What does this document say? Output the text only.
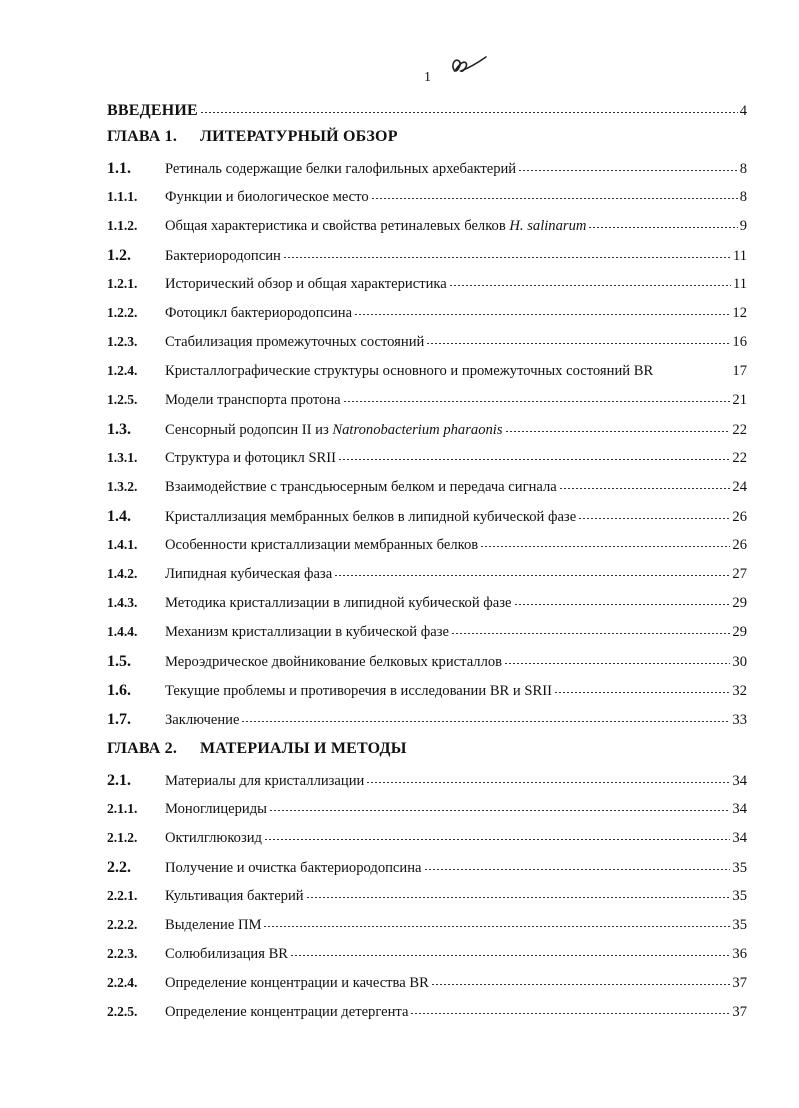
1
ВВЕДЕНИЕ	4
ГЛАВА 1. ЛИТЕРАТУРНЫЙ ОБЗОР
1.1.	Ретиналь содержащие белки галофильных архебактерий	8
1.1.1.	Функции и биологическое место	8
1.1.2.	Общая характеристика и свойства ретиналевых белков H. salinarum	9
1.2.	Бактериородопсин	11
1.2.1.	Исторический обзор и общая характеристика	11
1.2.2.	Фотоцикл бактериородопсина	12
1.2.3.	Стабилизация промежуточных состояний	16
1.2.4.	Кристаллографические структуры основного и промежуточных состояний BR	17
1.2.5.	Модели транспорта протона	21
1.3.	Сенсорный родопсин II из Natronobacterium pharaonis	22
1.3.1.	Структура и фотоцикл SRII	22
1.3.2.	Взаимодействие с трансдьюсерным белком и передача сигнала	24
1.4.	Кристаллизация мембранных белков в липидной кубической фазе	26
1.4.1.	Особенности кристаллизации мембранных белков	26
1.4.2.	Липидная кубическая фаза	27
1.4.3.	Методика кристаллизации в липидной кубической фазе	29
1.4.4.	Механизм кристаллизации в кубической фазе	29
1.5.	Мероэдрическое двойникование белковых кристаллов	30
1.6.	Текущие проблемы и противоречия в исследовании BR и SRII	32
1.7.	Заключение	33
ГЛАВА 2. МАТЕРИАЛЫ И МЕТОДЫ
2.1.	Материалы для кристаллизации	34
2.1.1.	Моноглицериды	34
2.1.2.	Октилглюкозид	34
2.2.	Получение и очистка бактериородопсина	35
2.2.1.	Культивация бактерий	35
2.2.2.	Выделение ПМ	35
2.2.3.	Солюбилизация BR	36
2.2.4.	Определение концентрации и качества BR	37
2.2.5.	Определение концентрации детергента	37
